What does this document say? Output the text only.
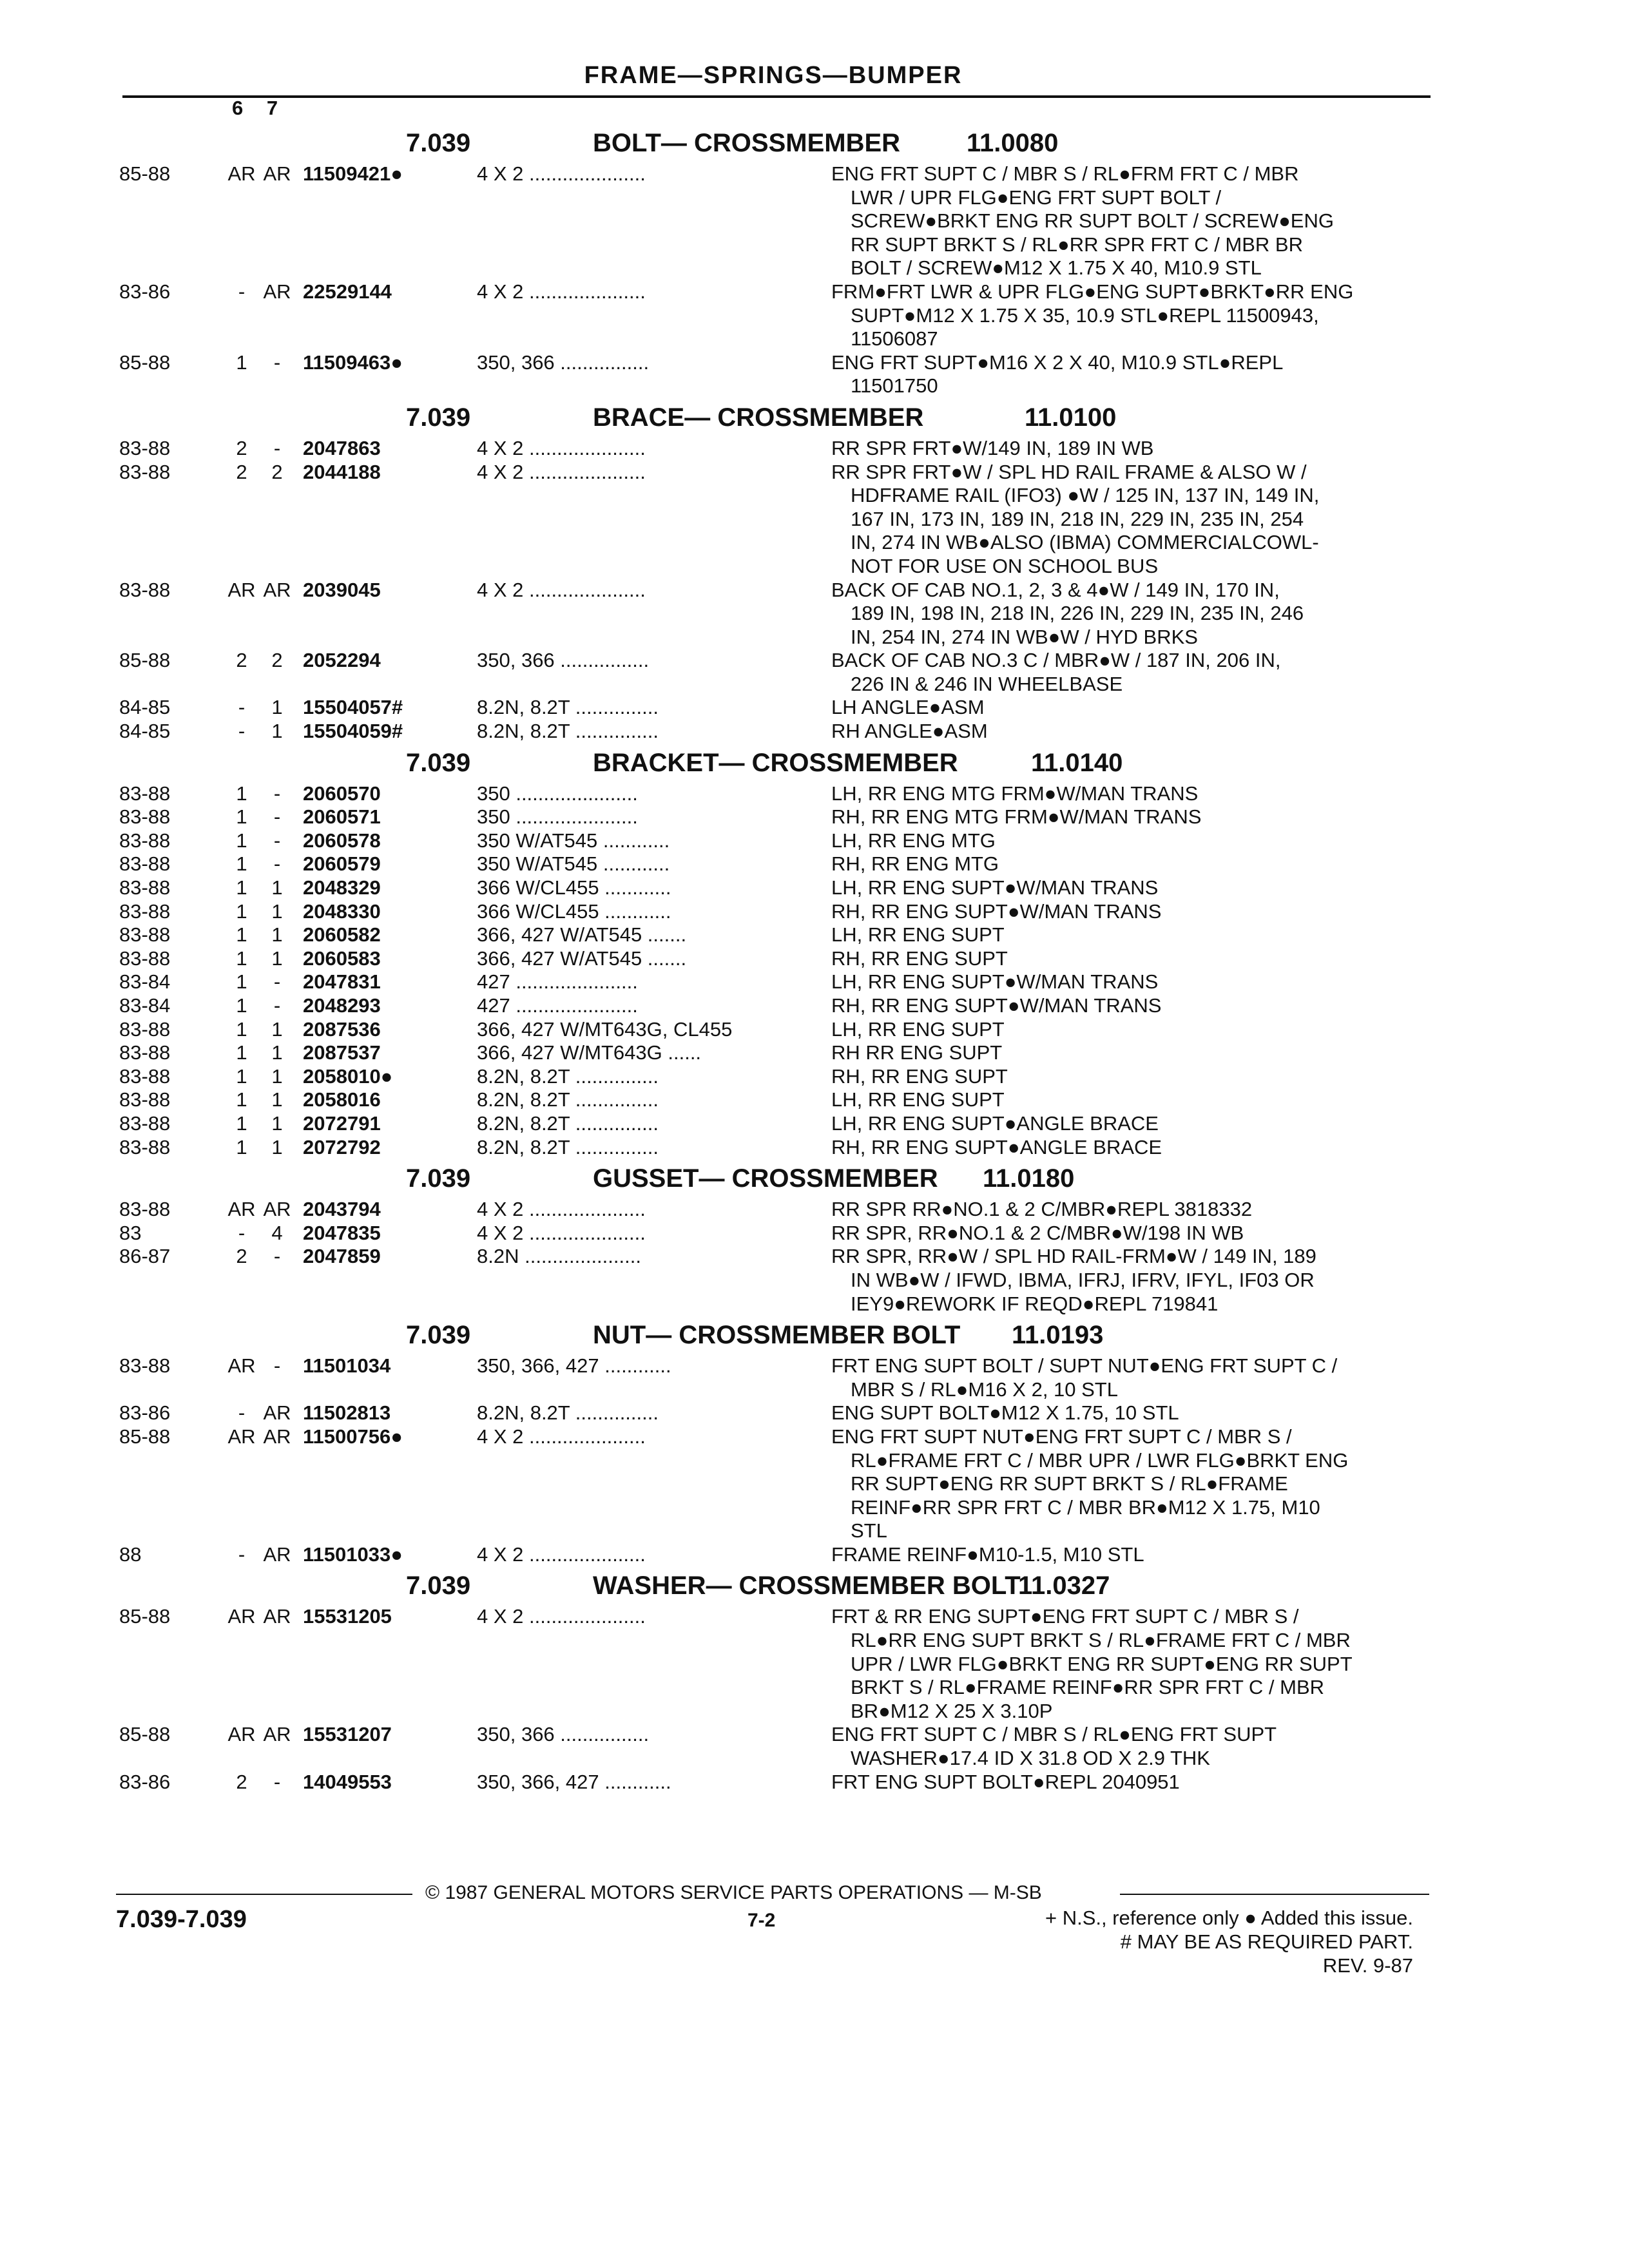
FRAME—SPRINGS—BUMPER
6 7
7.039	BOLT— CROSSMEMBER	11.0080
85-88	AR AR 11509421●	4 X 2 .....................	ENG FRT SUPT C / MBR S / RL●FRM FRT C / MBR
LWR / UPR FLG●ENG FRT SUPT BOLT /
SCREW●BRKT ENG RR SUPT BOLT / SCREW●ENG
RR SUPT BRKT S / RL●RR SPR FRT C / MBR BR
BOLT / SCREW●M12 X 1.75 X 40, M10.9 STL
83-86	- AR 22529144	4 X 2 .....................	FRM●FRT LWR & UPR FLG●ENG SUPT●BRKT●RR ENG
SUPT●M12 X 1.75 X 35, 10.9 STL●REPL 11500943,
11506087
85-88	1	-	11509463●	350, 366 ................	ENG FRT SUPT●M16 X 2 X 40, M10.9 STL●REPL
11501750
7.039	BRACE— CROSSMEMBER	11.0100
83-88	2	-	2047863	4 X 2 .....................	RR SPR FRT●W/149 IN, 189 IN WB
83-88	2	2	2044188	4 X 2 .....................	RR SPR FRT●W / SPL HD RAIL FRAME & ALSO W /
HDFRAME RAIL (IFO3) ●W / 125 IN, 137 IN, 149 IN,
167 IN, 173 IN, 189 IN, 218 IN, 229 IN, 235 IN, 254
IN, 274 IN WB●ALSO (IBMA) COMMERCIALCOWL-
NOT FOR USE ON SCHOOL BUS
83-88	AR AR 2039045	4 X 2 .....................	BACK OF CAB NO.1, 2, 3 & 4●W / 149 IN, 170 IN,
189 IN, 198 IN, 218 IN, 226 IN, 229 IN, 235 IN, 246
IN, 254 IN, 274 IN WB●W / HYD BRKS
85-88	2	2	2052294	350, 366 ................	BACK OF CAB NO.3 C / MBR●W / 187 IN, 206 IN,
226 IN & 246 IN WHEELBASE
84-85	-	1	15504057#	8.2N, 8.2T ...............	LH ANGLE●ASM
84-85	-	1	15504059#	8.2N, 8.2T ...............	RH ANGLE●ASM
7.039	BRACKET— CROSSMEMBER	11.0140
83-88	1	-	2060570	350 ......................	LH, RR ENG MTG FRM●W/MAN TRANS
83-88	1	-	2060571	350 ......................	RH, RR ENG MTG FRM●W/MAN TRANS
83-88	1	-	2060578	350 W/AT545 ............	LH, RR ENG MTG
83-88	1	-	2060579	350 W/AT545 ............	RH, RR ENG MTG
83-88	1	1	2048329	366 W/CL455 ............	LH, RR ENG SUPT●W/MAN TRANS
83-88	1	1	2048330	366 W/CL455 ............	RH, RR ENG SUPT●W/MAN TRANS
83-88	1	1	2060582	366, 427 W/AT545 .......	LH, RR ENG SUPT
83-88	1	1	2060583	366, 427 W/AT545 .......	RH, RR ENG SUPT
83-84	1	-	2047831	427 ......................	LH, RR ENG SUPT●W/MAN TRANS
83-84	1	-	2048293	427 ......................	RH, RR ENG SUPT●W/MAN TRANS
83-88	1	1	2087536	366, 427 W/MT643G, CL455	LH, RR ENG SUPT
83-88	1	1	2087537	366, 427 W/MT643G ......	RH RR ENG SUPT
83-88	1	1	2058010●	8.2N, 8.2T ...............	RH, RR ENG SUPT
83-88	1	1	2058016	8.2N, 8.2T ...............	LH, RR ENG SUPT
83-88	1	1	2072791	8.2N, 8.2T ...............	LH, RR ENG SUPT●ANGLE BRACE
83-88	1	1	2072792	8.2N, 8.2T ...............	RH, RR ENG SUPT●ANGLE BRACE
7.039	GUSSET— CROSSMEMBER 11.0180
83-88	AR AR 2043794	4 X 2 .....................	RR SPR RR●NO.1 & 2 C/MBR●REPL 3818332
83	-	4	2047835	4 X 2 .....................	RR SPR, RR●NO.1 & 2 C/MBR●W/198 IN WB
86-87	2	-	2047859	8.2N .....................	RR SPR, RR●W / SPL HD RAIL-FRM●W / 149 IN, 189
IN WB●W / IFWD, IBMA, IFRJ, IFRV, IFYL, IF03 OR
IEY9●REWORK IF REQD●REPL 719841
7.039	NUT— CROSSMEMBER BOLT 11.0193
83-88	AR -	11501034	350, 366, 427 ............	FRT ENG SUPT BOLT / SUPT NUT●ENG FRT SUPT C /
MBR S / RL●M16 X 2, 10 STL
83-86	- AR 11502813	8.2N, 8.2T ...............	ENG SUPT BOLT●M12 X 1.75, 10 STL
85-88	AR AR 11500756●	4 X 2 .....................	ENG FRT SUPT NUT●ENG FRT SUPT C / MBR S /
RL●FRAME FRT C / MBR UPR / LWR FLG●BRKT ENG
RR SUPT●ENG RR SUPT BRKT S / RL●FRAME
REINF●RR SPR FRT C / MBR BR●M12 X 1.75, M10
STL
88	- AR 11501033●	4 X 2 .....................	FRAME REINF●M10-1.5, M10 STL
7.039	WASHER— CROSSMEMBER BOLT
11.0327
85-88	AR AR 15531205	4 X 2 .....................	FRT & RR ENG SUPT●ENG FRT SUPT C / MBR S /
RL●RR ENG SUPT BRKT S / RL●FRAME FRT C / MBR
UPR / LWR FLG●BRKT ENG RR SUPT●ENG RR SUPT
BRKT S / RL●FRAME REINF●RR SPR FRT C / MBR
BR●M12 X 25 X 3.10P
85-88	AR AR 15531207	350, 366 ................	ENG FRT SUPT C / MBR S / RL●ENG FRT SUPT
WASHER●17.4 ID X 31.8 OD X 2.9 THK
83-86	2	-	14049553	350, 366, 427 ............	FRT ENG SUPT BOLT●REPL 2040951
© 1987 GENERAL MOTORS SERVICE PARTS OPERATIONS — M-SB
7.039-7.039	7-2	+ N.S., reference only ● Added this issue.
# MAY BE AS REQUIRED PART.
REV. 9-87
